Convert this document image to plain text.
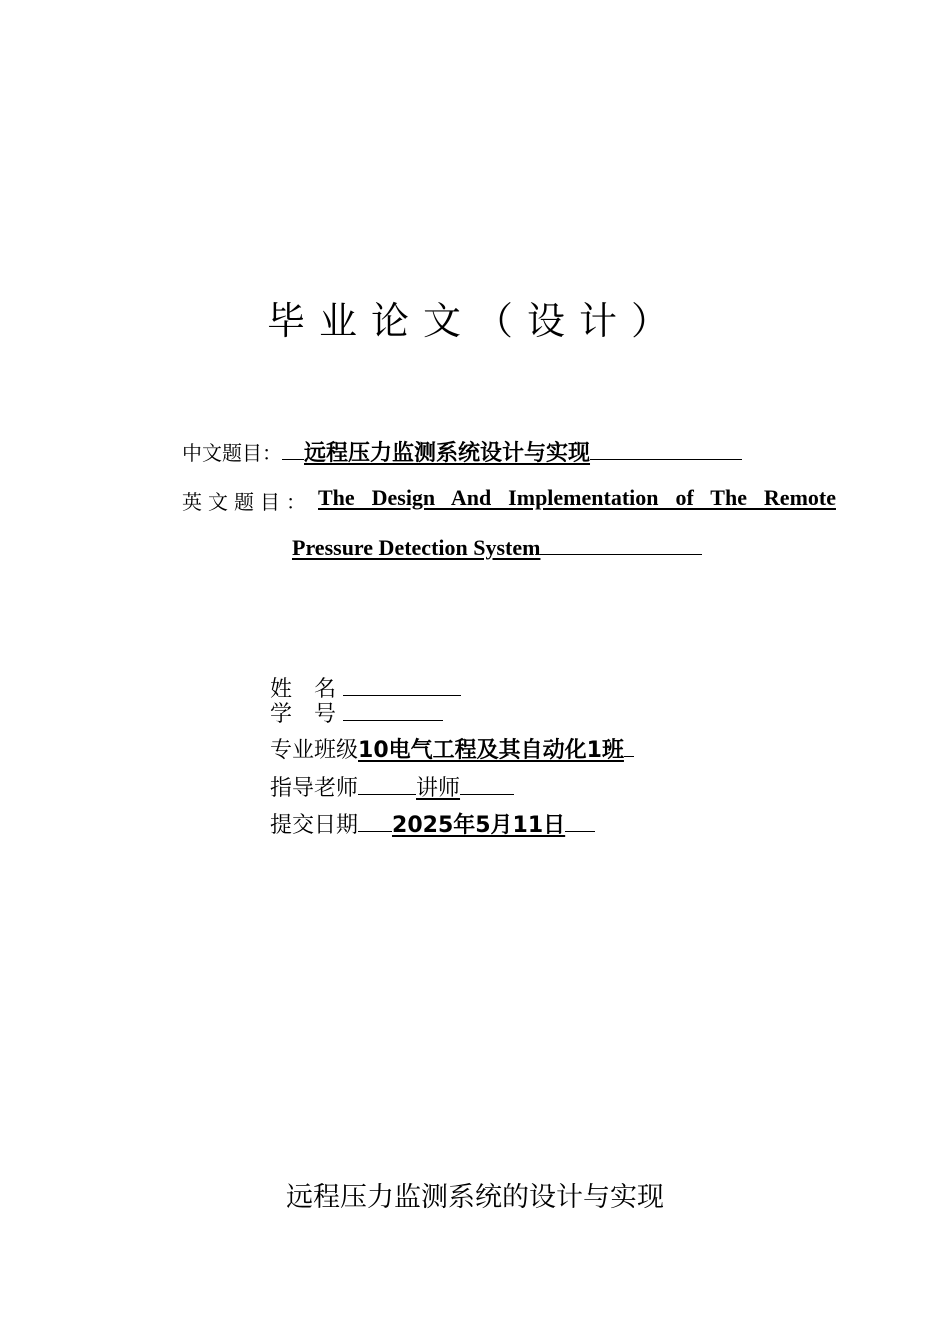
毕业论文（设计）
中文题目： 远程压力监测系统设计与实现
英文题目： The Design And Implementation of The Remote
Pressure Detection System
姓　名
学　号
专业班级10电气工程及其自动化1班
指导老师	讲师
提交日期 2025年5月11日
远程压力监测系统的设计与实现
